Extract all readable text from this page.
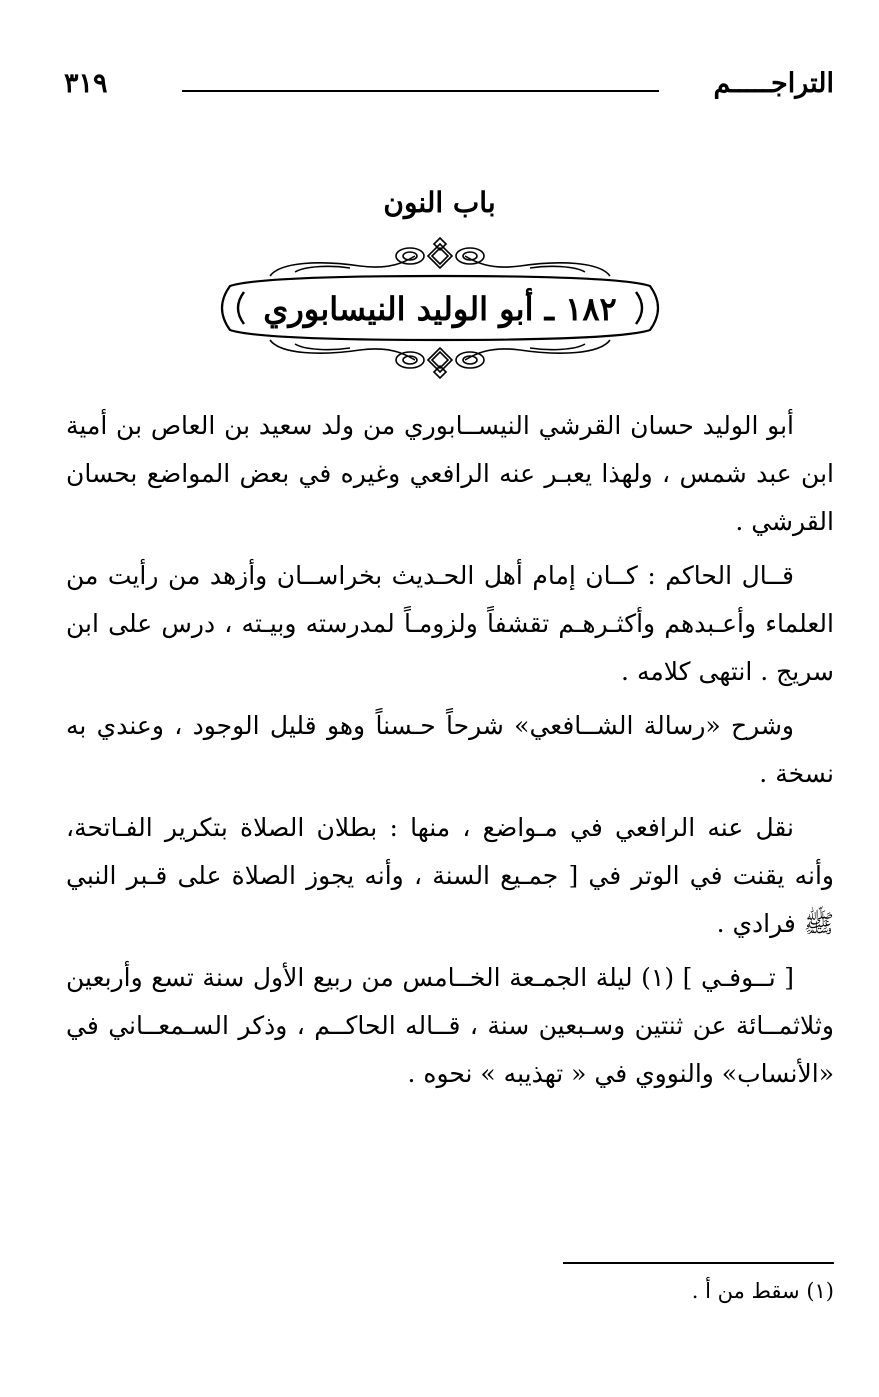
التراجـــــم
٣١٩
باب النون
١٨٢ ـ أبو الوليد النيسابوري

أبو الوليد حسان القرشي النيســابوري من ولد سعيد بن العاص بن أمية ابن عبد شمس ، ولهذا يعبـر عنه الرافعي وغيره في بعض المواضع بحسان القرشي .

قــال الحاكم : كــان إمام أهل الحـديث بخراســان وأزهد من رأيت من العلماء وأعـبدهم وأكثـرهـم تقشفاً ولزومـاً لمدرسته وبيـته ، درس على ابن سريج . انتهى كلامه .

وشرح «رسالة الشــافعي» شرحاً حـسناً وهو قليل الوجود ، وعندي به نسخة .

نقل عنه الرافعي في مـواضع ، منها : بطلان الصلاة بتكرير الفـاتحة، وأنه يقنت في الوتر في [ جمـيع السنة ، وأنه يجوز الصلاة على قـبر النبي ﷺ فرادي .

[ تــوفـي ] (١) ليلة الجمـعة الخــامس من ربيع الأول سنة تسع وأربعين وثلاثمــائة عن ثنتين وسـبعين سنة ، قــاله الحاكــم ، وذكر السـمعــاني في «الأنساب» والنووي في « تهذيبه » نحوه .

(١) سقط من أ .
